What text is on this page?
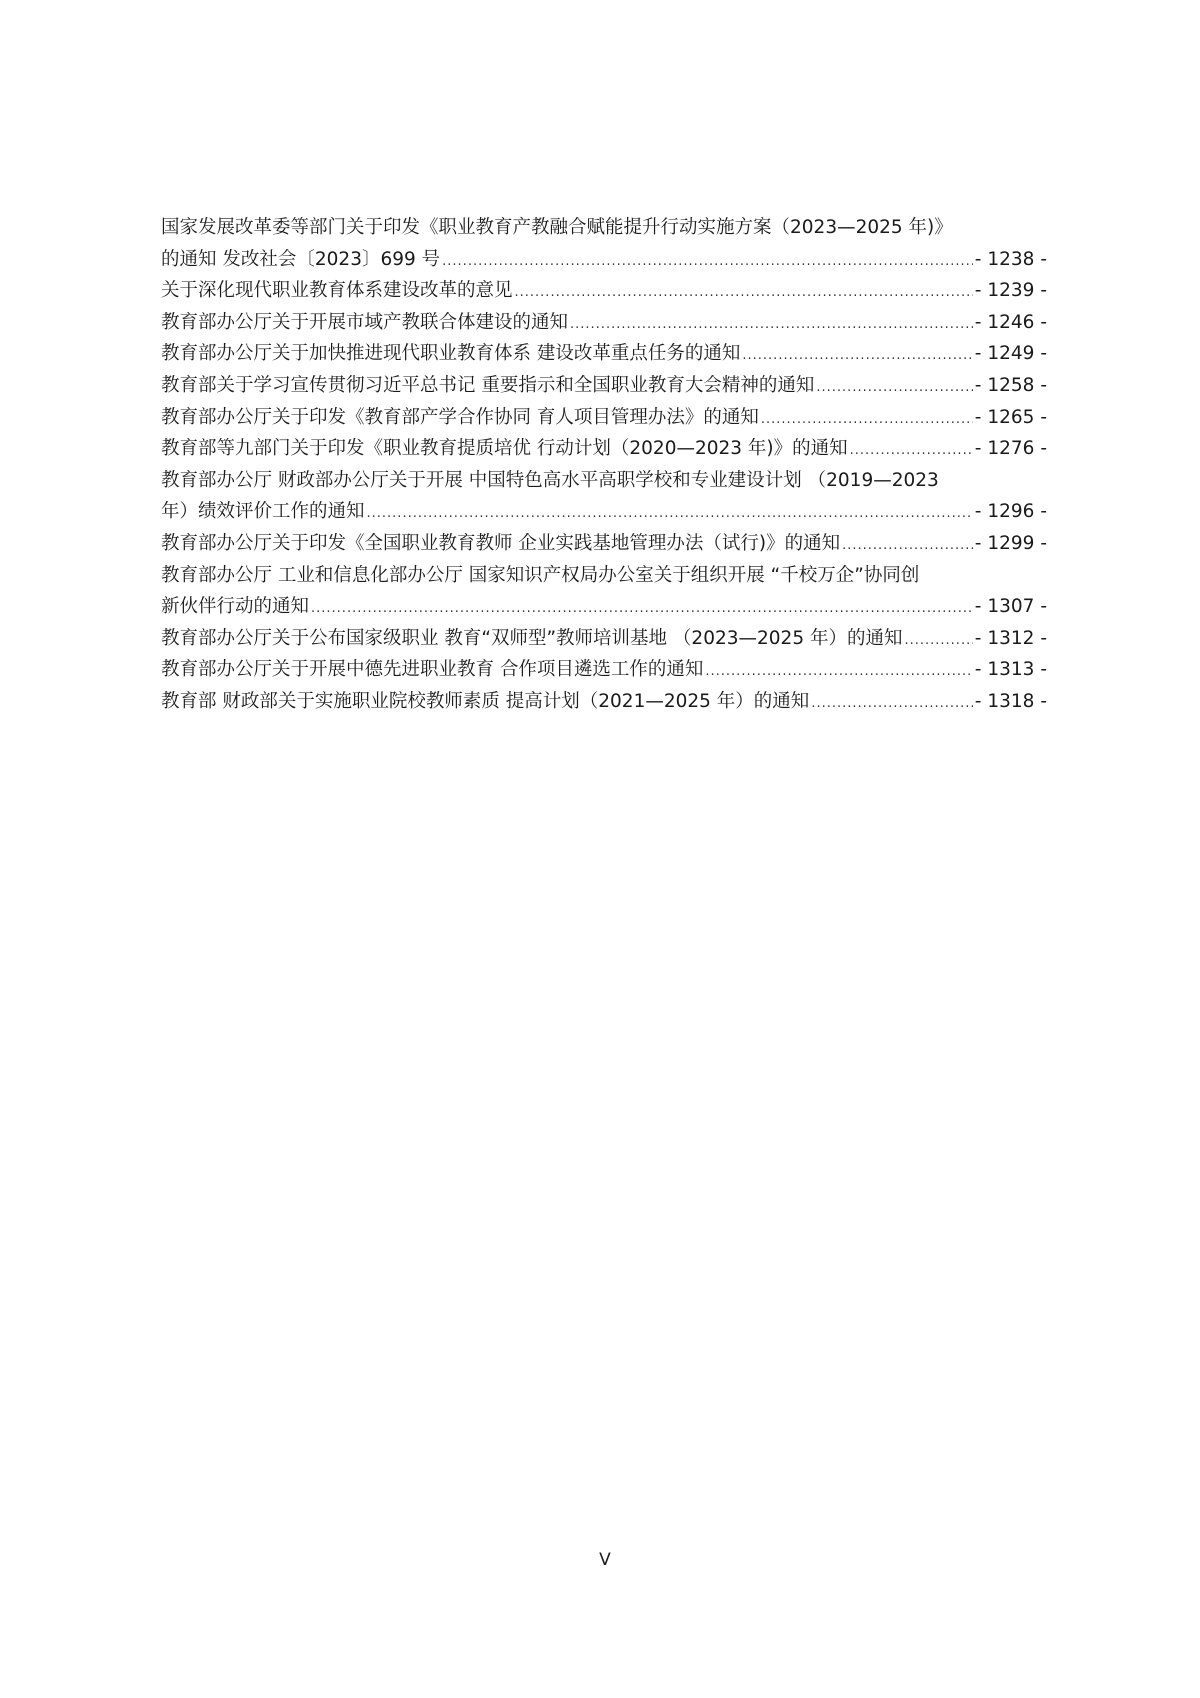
国家发展改革委等部门关于印发《职业教育产教融合赋能提升行动实施方案（2023—2025 年)》
的通知 发改社会〔2023〕699 号 .....	- 1238 -
关于深化现代职业教育体系建设改革的意见 .....	- 1239 -
教育部办公厅关于开展市域产教联合体建设的通知 .....	- 1246 -
教育部办公厅关于加快推进现代职业教育体系 建设改革重点任务的通知 .....	- 1249 -
教育部关于学习宣传贯彻习近平总书记 重要指示和全国职业教育大会精神的通知 .....	- 1258 -
教育部办公厅关于印发《教育部产学合作协同 育人项目管理办法》的通知 .....	- 1265 -
教育部等九部门关于印发《职业教育提质培优 行动计划（2020—2023 年)》的通知 .....	- 1276 -
教育部办公厅 财政部办公厅关于开展 中国特色高水平高职学校和专业建设计划 （2019—2023
年）绩效评价工作的通知 .....	- 1296 -
教育部办公厅关于印发《全国职业教育教师 企业实践基地管理办法（试行)》的通知 .....	- 1299 -
教育部办公厅 工业和信息化部办公厅 国家知识产权局办公室关于组织开展 “千校万企”协同创
新伙伴行动的通知 .....	- 1307 -
教育部办公厅关于公布国家级职业 教育“双师型”教师培训基地 （2023—2025 年）的通知 .....	- 1312 -
教育部办公厅关于开展中德先进职业教育 合作项目遴选工作的通知 .....	- 1313 -
教育部 财政部关于实施职业院校教师素质 提高计划（2021—2025 年）的通知 .....	- 1318 -
V
